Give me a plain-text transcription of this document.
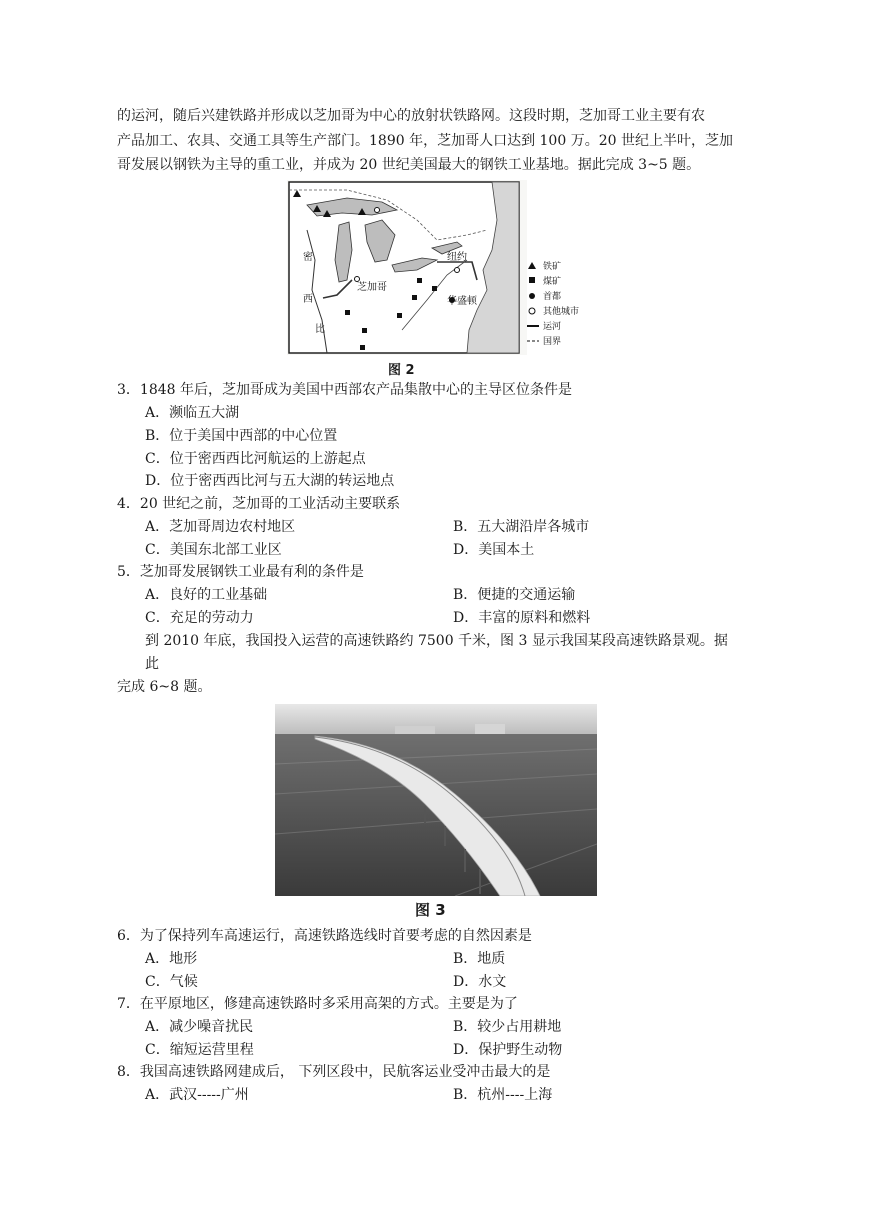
的运河，随后兴建铁路并形成以芝加哥为中心的放射状铁路网。这段时期，芝加哥工业主要有农
产品加工、农具、交通工具等生产部门。1890 年，芝加哥人口达到 100 万。20 世纪上半叶，芝加
哥发展以钢铁为主导的重工业，并成为 20 世纪美国最大的钢铁工业基地。据此完成 3~5 题。
芝加哥
纽约
华盛顿
密
西
比
铁矿
煤矿
首都
其他城市
运河
国界
图 2
3．1848 年后，芝加哥成为美国中西部农产品集散中心的主导区位条件是
A．濒临五大湖
B．位于美国中西部的中心位置
C．位于密西西比河航运的上游起点
D．位于密西西比河与五大湖的转运地点
4．20 世纪之前，芝加哥的工业活动主要联系
A．芝加哥周边农村地区	B．五大湖沿岸各城市
C．美国东北部工业区	D．美国本土
5．芝加哥发展钢铁工业最有利的条件是
A．良好的工业基础	B．便捷的交通运输
C．充足的劳动力	D．丰富的原料和燃料
到 2010 年底，我国投入运营的高速铁路约 7500 千米，图 3 显示我国某段高速铁路景观。据
此
完成 6~8 题。
图 3
6．为了保持列车高速运行，高速铁路选线时首要考虑的自然因素是
A．地形	B．地质
C．气候	D．水文
7．在平原地区，修建高速铁路时多采用高架的方式。主要是为了
A．减少噪音扰民	B．较少占用耕地
C．缩短运营里程	D．保护野生动物
8．我国高速铁路网建成后， 下列区段中，民航客运业受冲击最大的是
A．武汉-----广州	B．杭州----上海
